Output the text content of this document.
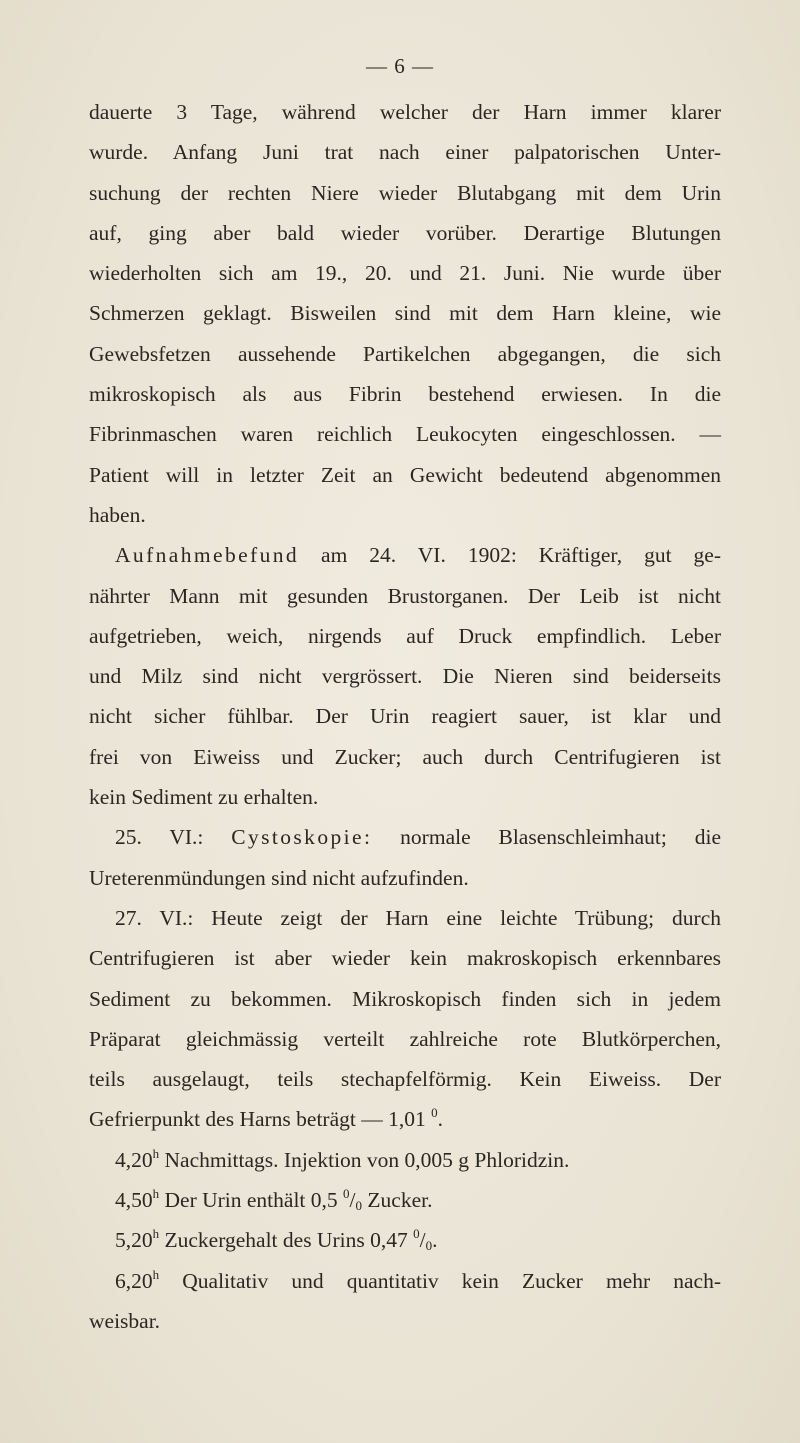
— 6 —
dauerte 3 Tage, während welcher der Harn immer klarer
wurde. Anfang Juni trat nach einer palpatorischen Unter-
suchung der rechten Niere wieder Blutabgang mit dem Urin
auf, ging aber bald wieder vorüber. Derartige Blutungen
wiederholten sich am 19., 20. und 21. Juni. Nie wurde über
Schmerzen geklagt. Bisweilen sind mit dem Harn kleine, wie
Gewebsfetzen aussehende Partikelchen abgegangen, die sich
mikroskopisch als aus Fibrin bestehend erwiesen. In die
Fibrinmaschen waren reichlich Leukocyten eingeschlossen. —
Patient will in letzter Zeit an Gewicht bedeutend abgenommen
haben.
Aufnahmebefund am 24. VI. 1902: Kräftiger, gut ge-
nährter Mann mit gesunden Brustorganen. Der Leib ist nicht
aufgetrieben, weich, nirgends auf Druck empfindlich. Leber
und Milz sind nicht vergrössert. Die Nieren sind beiderseits
nicht sicher fühlbar. Der Urin reagiert sauer, ist klar und
frei von Eiweiss und Zucker; auch durch Centrifugieren ist
kein Sediment zu erhalten.
25. VI.: Cystoskopie: normale Blasenschleimhaut; die
Ureterenmündungen sind nicht aufzufinden.
27. VI.: Heute zeigt der Harn eine leichte Trübung; durch
Centrifugieren ist aber wieder kein makroskopisch erkennbares
Sediment zu bekommen. Mikroskopisch finden sich in jedem
Präparat gleichmässig verteilt zahlreiche rote Blutkörperchen,
teils ausgelaugt, teils stechapfelförmig. Kein Eiweiss. Der
Gefrierpunkt des Harns beträgt — 1,01 $^0$.
4,20$^h$ Nachmittags. Injektion von 0,005 g Phloridzin.
4,50$^h$ Der Urin enthält 0,5 $^0/_0$ Zucker.
5,20$^h$ Zuckergehalt des Urins 0,47 $^0/_0$.
6,20$^h$ Qualitativ und quantitativ kein Zucker mehr nach-
weisbar.
